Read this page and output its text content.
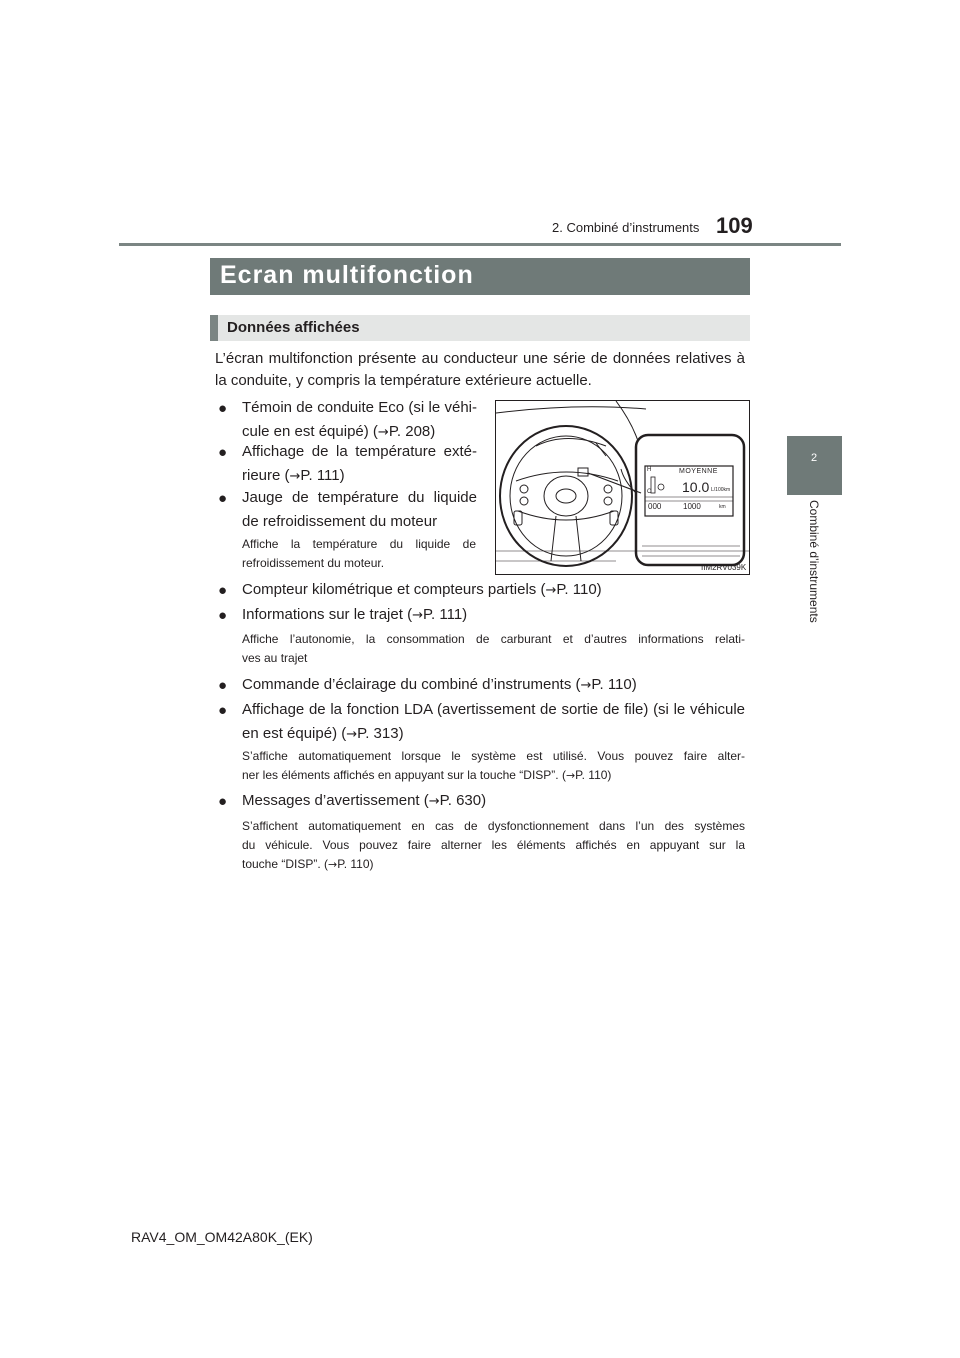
2. Combiné d’instruments 109
2
Combiné d’instruments
Ecran multifonction
Données affichées
L’écran multifonction présente au conducteur une série de données relatives à la conduite, y compris la température extérieure actuelle.
● Témoin de conduite Eco (si le véhi-
cule en est équipé) (→P. 208)
● Affichage de la température exté-
rieure (→P. 111)
● Jauge de température du liquide
de refroidissement du moteur
Affiche la température du liquide de
refroidissement du moteur.
H
C
MOYENNE
10.0 L/100km
000	1000	km
IIM2RV039K
● Compteur kilométrique et compteurs partiels (→P. 110)
● Informations sur le trajet (→P. 111)
Affiche l’autonomie, la consommation de carburant et d’autres informations relati-
ves au trajet
● Commande d’éclairage du combiné d’instruments (→P. 110)
● Affichage de la fonction LDA (avertissement de sortie de file) (si le véhicule
en est équipé) (→P. 313)
S’affiche automatiquement lorsque le système est utilisé. Vous pouvez faire alter-
ner les éléments affichés en appuyant sur la touche “DISP”. (→P. 110)
● Messages d’avertissement (→P. 630)
S’affichent automatiquement en cas de dysfonctionnement dans l’un des systèmes
du véhicule. Vous pouvez faire alterner les éléments affichés en appuyant sur la
touche “DISP”. (→P. 110)
RAV4_OM_OM42A80K_(EK)
